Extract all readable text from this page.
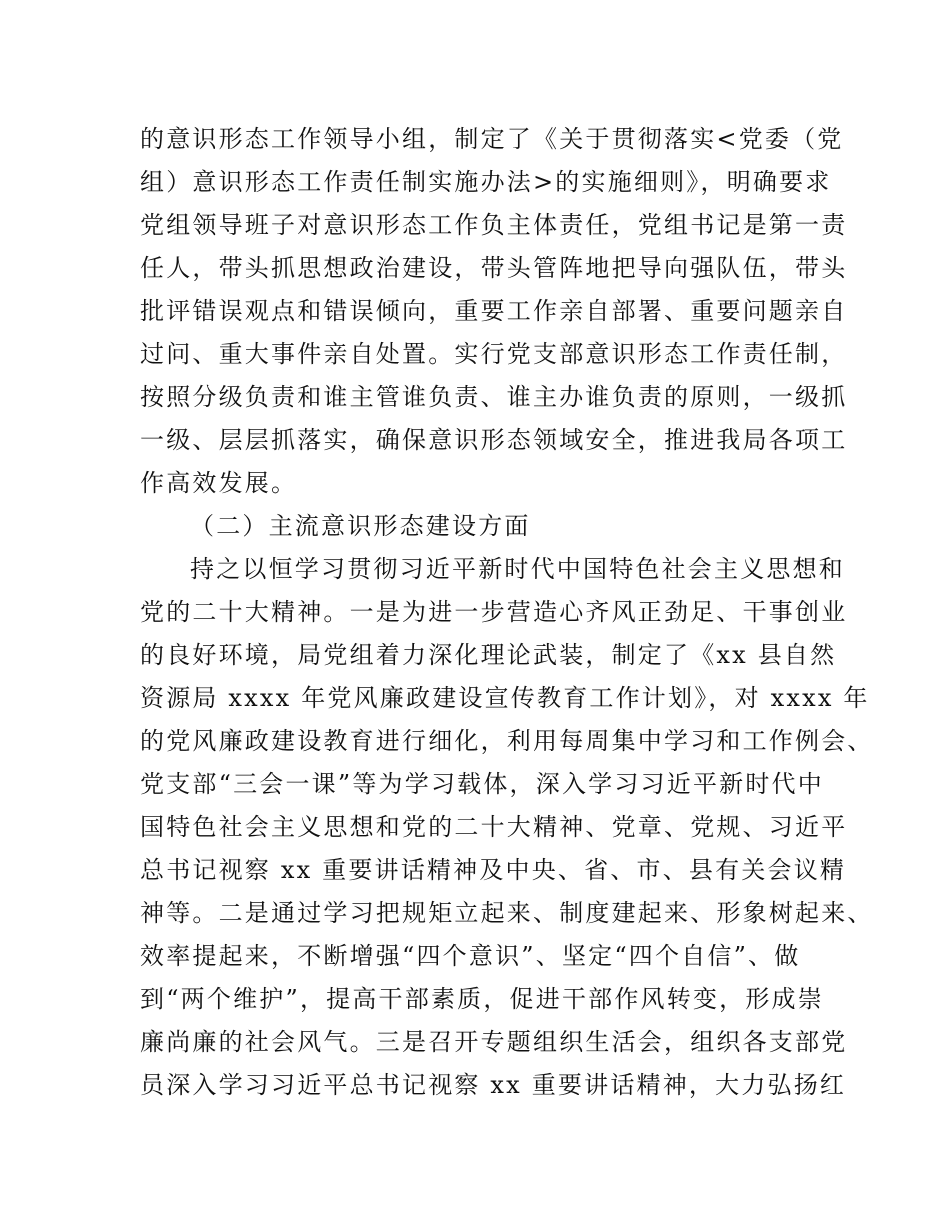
的意识形态工作领导小组，制定了《关于贯彻落实<党委（党
组）意识形态工作责任制实施办法>的实施细则》，明确要求
党组领导班子对意识形态工作负主体责任，党组书记是第一责
任人，带头抓思想政治建设，带头管阵地把导向强队伍，带头
批评错误观点和错误倾向，重要工作亲自部署、重要问题亲自
过问、重大事件亲自处置。实行党支部意识形态工作责任制，
按照分级负责和谁主管谁负责、谁主办谁负责的原则，一级抓
一级、层层抓落实，确保意识形态领域安全，推进我局各项工
作高效发展。
（二）主流意识形态建设方面
持之以恒学习贯彻习近平新时代中国特色社会主义思想和
党的二十大精神。一是为进一步营造心齐风正劲足、干事创业
的良好环境，局党组着力深化理论武装，制定了《xx 县自然
资源局 xxxx 年党风廉政建设宣传教育工作计划》，对 xxxx 年
的党风廉政建设教育进行细化，利用每周集中学习和工作例会、
党支部“三会一课”等为学习载体，深入学习习近平新时代中
国特色社会主义思想和党的二十大精神、党章、党规、习近平
总书记视察 xx 重要讲话精神及中央、省、市、县有关会议精
神等。二是通过学习把规矩立起来、制度建起来、形象树起来、
效率提起来，不断增强“四个意识”、坚定“四个自信”、做
到“两个维护”，提高干部素质，促进干部作风转变，形成崇
廉尚廉的社会风气。三是召开专题组织生活会，组织各支部党
员深入学习习近平总书记视察 xx 重要讲话精神，大力弘扬红
